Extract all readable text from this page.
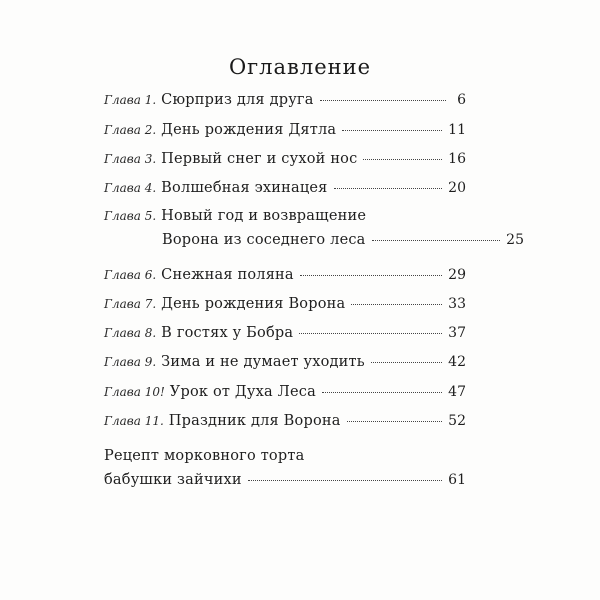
Оглавление
Глава 1. Сюрприз для друга	6
Глава 2. День рождения Дятла	11
Глава 3. Первый снег и сухой нос	16
Глава 4. Волшебная эхинацея	20
Глава 5. Новый год и возвращение
Ворона из соседнего леса	25
Глава 6. Снежная поляна	29
Глава 7. День рождения Ворона	33
Глава 8. В гостях у Бобра	37
Глава 9. Зима и не думает уходить	42
Глава 10! Урок от Духа Леса	47
Глава 11. Праздник для Ворона	52
Рецепт морковного торта
бабушки зайчихи	61
